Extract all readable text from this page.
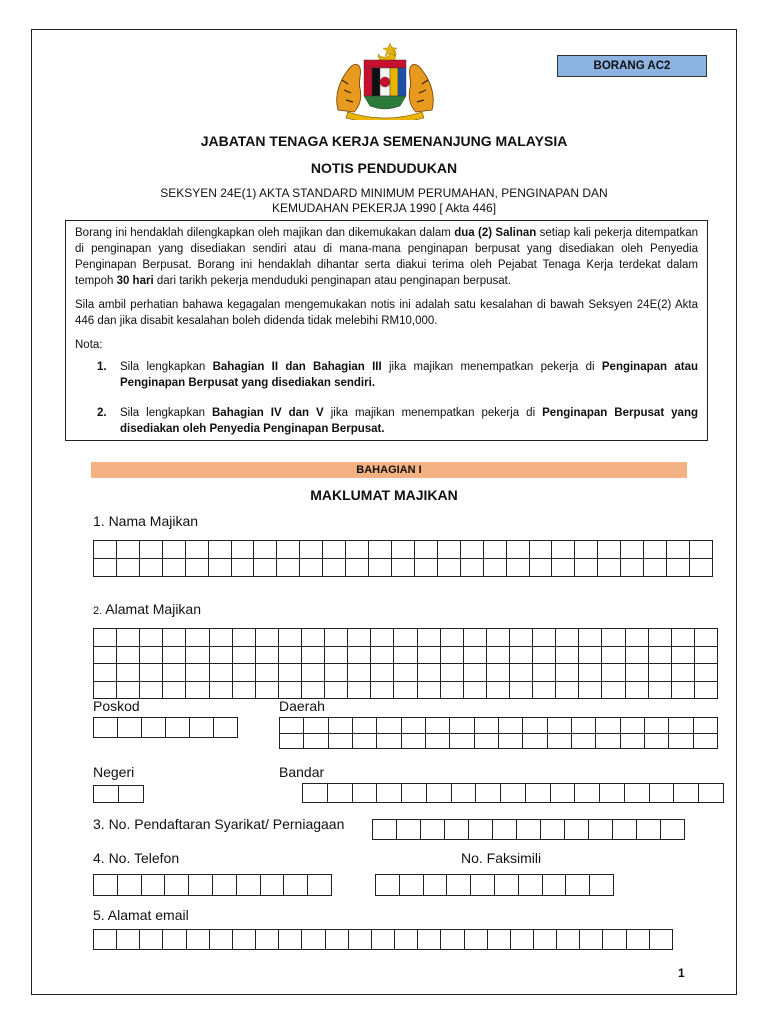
BORANG AC2
JABATAN TENAGA KERJA SEMENANJUNG MALAYSIA
NOTIS PENDUDUKAN
SEKSYEN 24E(1) AKTA STANDARD MINIMUM PERUMAHAN, PENGINAPAN DAN
KEMUDAHAN PEKERJA 1990 [ Akta 446]

Borang ini hendaklah dilengkapkan oleh majikan dan dikemukakan dalam dua (2) Salinan setiap kali pekerja ditempatkan di penginapan yang disediakan sendiri atau di mana-mana penginapan berpusat yang disediakan oleh Penyedia Penginapan Berpusat. Borang ini hendaklah dihantar serta diakui terima oleh Pejabat Tenaga Kerja terdekat dalam tempoh 30 hari dari tarikh pekerja menduduki penginapan atau penginapan berpusat.

Sila ambil perhatian bahawa kegagalan mengemukakan notis ini adalah satu kesalahan di bawah Seksyen 24E(2) Akta 446 dan jika disabit kesalahan boleh didenda tidak melebihi RM10,000.

Nota:

1. Sila lengkapkan Bahagian II dan Bahagian III jika majikan menempatkan pekerja di Penginapan atau Penginapan Berpusat yang disediakan sendiri.
2. Sila lengkapkan Bahagian IV dan V jika majikan menempatkan pekerja di Penginapan Berpusat yang disediakan oleh Penyedia Penginapan Berpusat.
BAHAGIAN I
MAKLUMAT MAJIKAN
1. Nama Majikan

2. Alamat Majikan

Poskod
						Daerah

Negeri
		Bandar

3. No. Pendaftaran Syarikat/ Perniagaan

4. No. Telefon
										No. Faksimili

5. Alamat email

1
